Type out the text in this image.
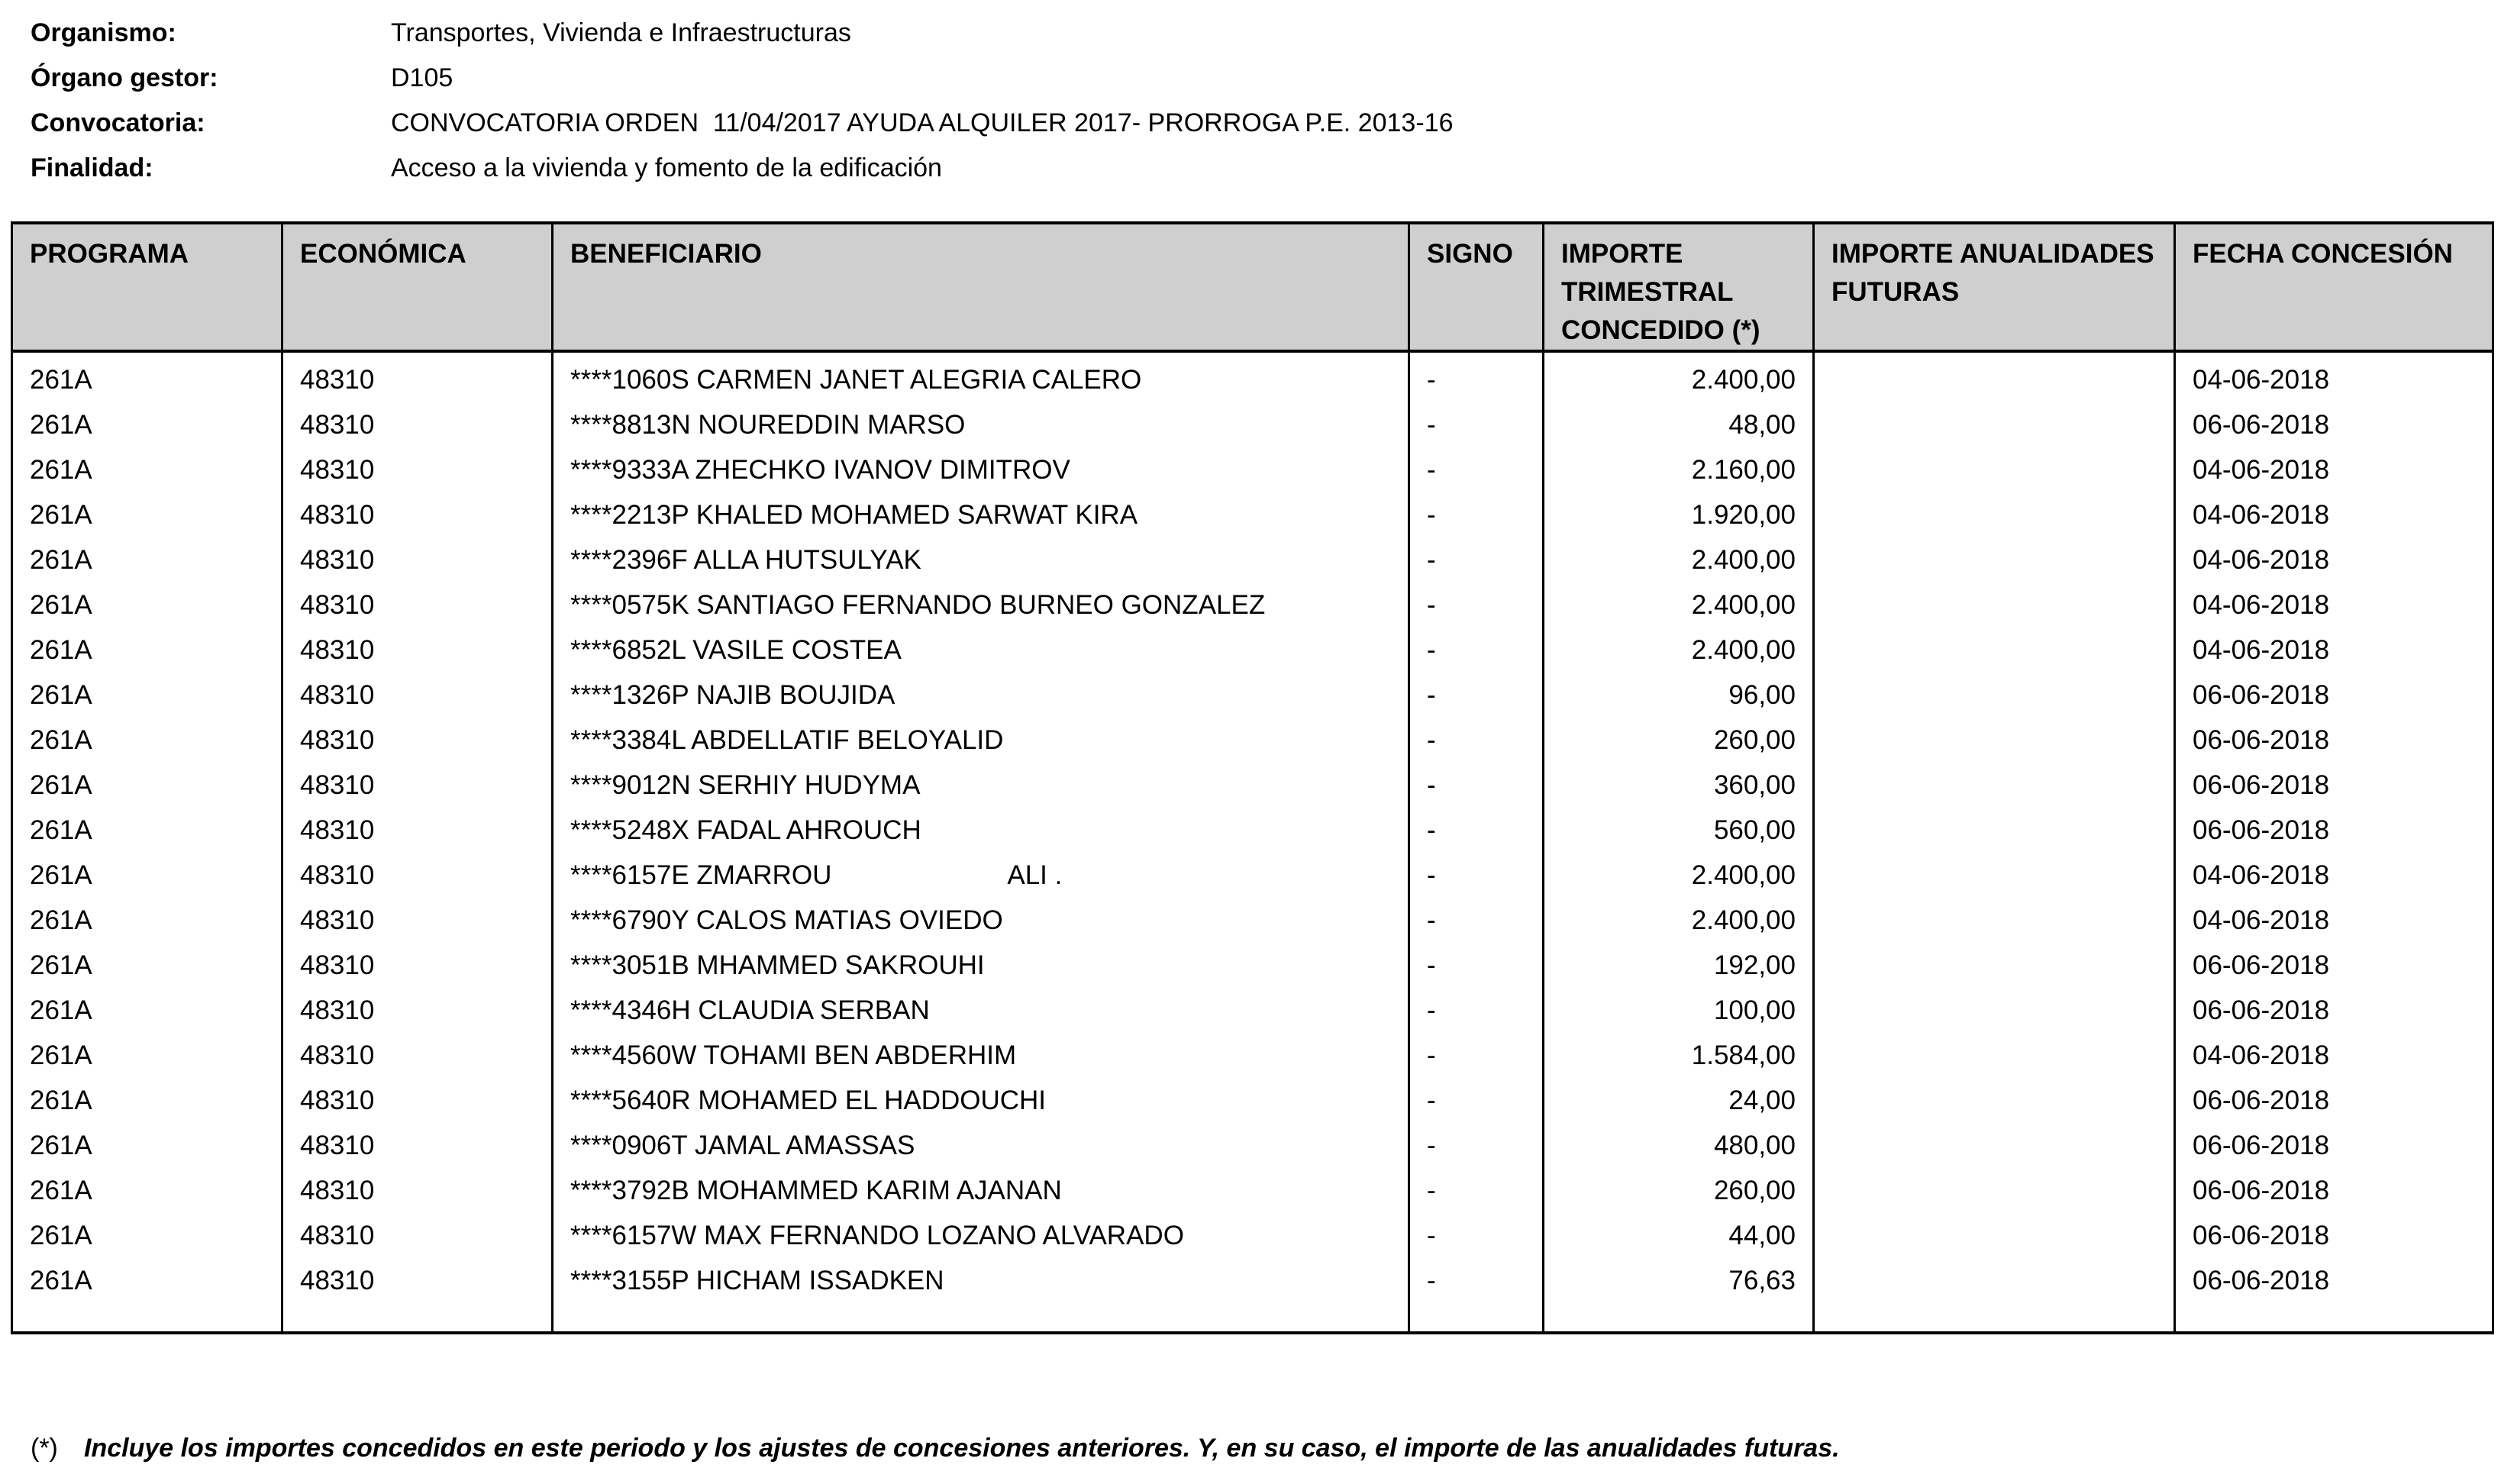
Organismo:	Transportes, Vivienda e Infraestructuras
Órgano gestor:	D105
Convocatoria:	CONVOCATORIA ORDEN  11/04/2017 AYUDA ALQUILER 2017- PRORROGA P.E. 2013-16
Finalidad:	Acceso a la vivienda y fomento de la edificación
PROGRAMA	ECONÓMICA	BENEFICIARIO	SIGNO	IMPORTE TRIMESTRAL CONCEDIDO (*)	IMPORTE ANUALIDADES FUTURAS	FECHA CONCESIÓN
261A	48310	****1060S CARMEN JANET ALEGRIA CALERO	-	2.400,00		04-06-2018
261A	48310	****8813N NOUREDDIN MARSO	-	48,00		06-06-2018
261A	48310	****9333A ZHECHKO IVANOV DIMITROV	-	2.160,00		04-06-2018
261A	48310	****2213P KHALED MOHAMED SARWAT KIRA	-	1.920,00		04-06-2018
261A	48310	****2396F ALLA HUTSULYAK	-	2.400,00		04-06-2018
261A	48310	****0575K SANTIAGO FERNANDO BURNEO GONZALEZ	-	2.400,00		04-06-2018
261A	48310	****6852L VASILE COSTEA	-	2.400,00		04-06-2018
261A	48310	****1326P NAJIB BOUJIDA	-	96,00		06-06-2018
261A	48310	****3384L ABDELLATIF BELOYALID	-	260,00		06-06-2018
261A	48310	****9012N SERHIY HUDYMA	-	360,00		06-06-2018
261A	48310	****5248X FADAL AHROUCH	-	560,00		06-06-2018
261A	48310	****6157E ZMARROU ALI .	-	2.400,00		04-06-2018
261A	48310	****6790Y CALOS MATIAS OVIEDO	-	2.400,00		04-06-2018
261A	48310	****3051B MHAMMED SAKROUHI	-	192,00		06-06-2018
261A	48310	****4346H CLAUDIA SERBAN	-	100,00		06-06-2018
261A	48310	****4560W TOHAMI BEN ABDERHIM	-	1.584,00		04-06-2018
261A	48310	****5640R MOHAMED EL HADDOUCHI	-	24,00		06-06-2018
261A	48310	****0906T JAMAL AMASSAS	-	480,00		06-06-2018
261A	48310	****3792B MOHAMMED KARIM AJANAN	-	260,00		06-06-2018
261A	48310	****6157W MAX FERNANDO LOZANO ALVARADO	-	44,00		06-06-2018
261A	48310	****3155P HICHAM ISSADKEN	-	76,63		06-06-2018

(*)	Incluye los importes concedidos en este periodo y los ajustes de concesiones anteriores. Y, en su caso, el importe de las anualidades futuras.
